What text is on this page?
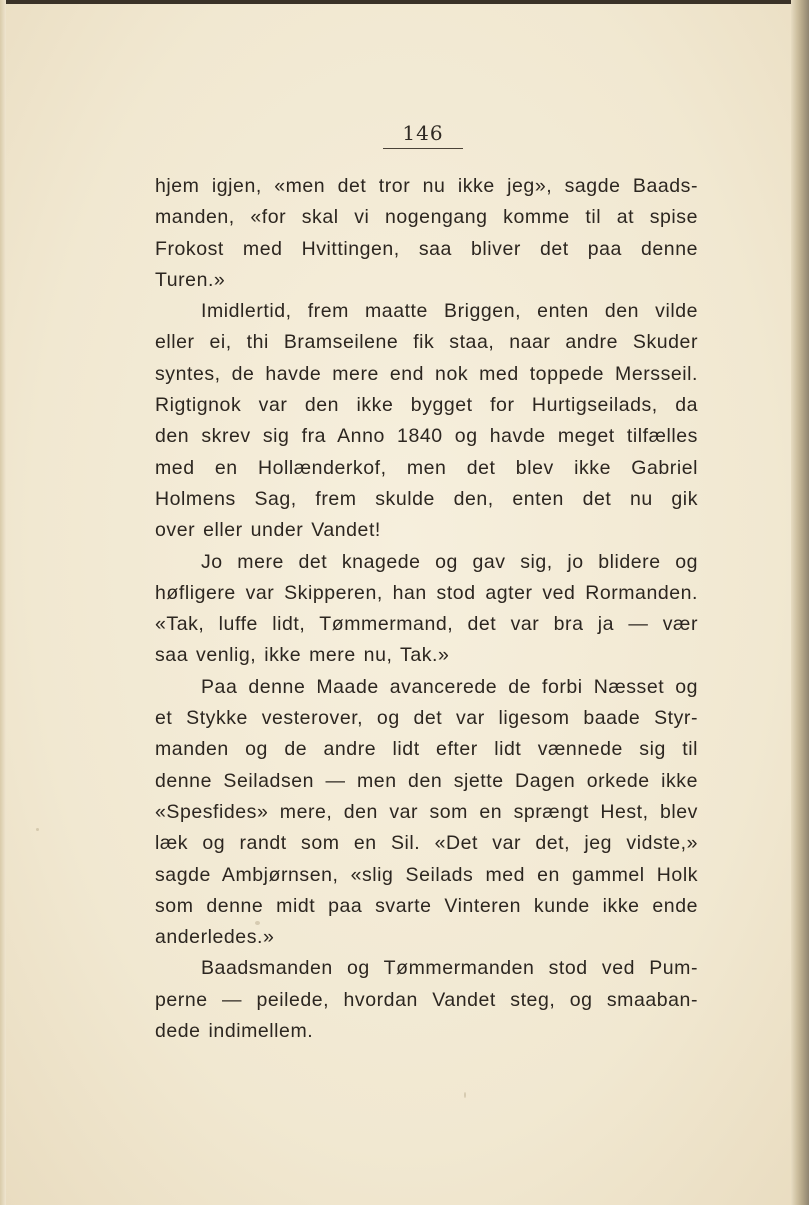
146
hjem igjen, «men det tror nu ikke jeg», sagde Baads-
manden, «for skal vi nogengang komme til at spise
Frokost med Hvittingen, saa bliver det paa denne
Turen.»
Imidlertid, frem maatte Briggen, enten den vilde
eller ei, thi Bramseilene fik staa, naar andre Skuder
syntes, de havde mere end nok med toppede Mersseil.
Rigtignok var den ikke bygget for Hurtigseilads, da
den skrev sig fra Anno 1840 og havde meget tilfælles
med en Hollænderkof, men det blev ikke Gabriel
Holmens Sag, frem skulde den, enten det nu gik
over eller under Vandet!
Jo mere det knagede og gav sig, jo blidere og
høfligere var Skipperen, han stod agter ved Rormanden.
«Tak, luffe lidt, Tømmermand, det var bra ja — vær
saa venlig, ikke mere nu, Tak.»
Paa denne Maade avancerede de forbi Næsset og
et Stykke vesterover, og det var ligesom baade Styr-
manden og de andre lidt efter lidt vænnede sig til
denne Seiladsen — men den sjette Dagen orkede ikke
«Spesfides» mere, den var som en sprængt Hest, blev
læk og randt som en Sil. «Det var det, jeg vidste,»
sagde Ambjørnsen, «slig Seilads med en gammel Holk
som denne midt paa svarte Vinteren kunde ikke ende
anderledes.»
Baadsmanden og Tømmermanden stod ved Pum-
perne — peilede, hvordan Vandet steg, og smaaban-
dede indimellem.
